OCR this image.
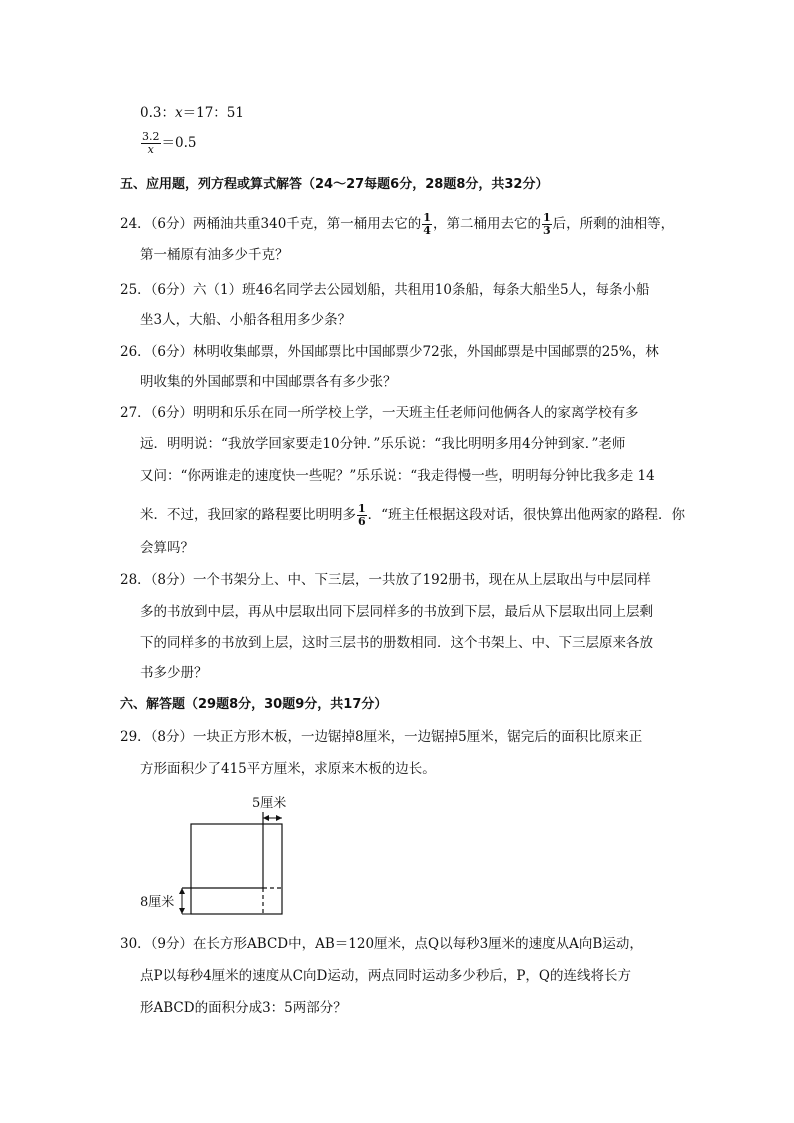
0.3：x＝17：51
$\frac{3.2}{x} =0.5$
五、应用题，列方程或算式解答（24～27每题6分，28题8分，共32分）
24．（6分）两桶油共重340千克，第一桶用去它的 $\frac{1}{4}$ ，第二桶用去它的 $\frac{1}{3}$ 后，所剩的油相等，
第一桶原有油多少千克？
25．（6分）六（1）班46名同学去公园划船，共租用10条船，每条大船坐5人，每条小船
坐3人，大船、小船各租用多少条？
26．（6分）林明收集邮票，外国邮票比中国邮票少72张，外国邮票是中国邮票的25%，林
明收集的外国邮票和中国邮票各有多少张？
27．（6分）明明和乐乐在同一所学校上学，一天班主任老师问他俩各人的家离学校有多
远．明明说：“我放学回家要走10分钟．”乐乐说：“我比明明多用4分钟到家．”老师
又问：“你两谁走的速度快一些呢？”乐乐说：“我走得慢一些，明明每分钟比我多走 14
米．不过，我回家的路程要比明明多 $\frac{1}{6}$ ．“班主任根据这段对话，很快算出他两家的路程．你
会算吗？
28．（8分）一个书架分上、中、下三层，一共放了192册书，现在从上层取出与中层同样
多的书放到中层，再从中层取出同下层同样多的书放到下层，最后从下层取出同上层剩
下的同样多的书放到上层，这时三层书的册数相同．这个书架上、中、下三层原来各放
书多少册？
六、解答题（29题8分，30题9分，共17分）
29．（8分）一块正方形木板，一边锯掉8厘米，一边锯掉5厘米，锯完后的面积比原来正
方形面积少了415平方厘米，求原来木板的边长。
5厘米
8厘米
30．（9分）在长方形ABCD中，AB＝120厘米，点Q以每秒3厘米的速度从A向B运动，
点P以每秒4厘米的速度从C向D运动，两点同时运动多少秒后，P，Q的连线将长方
形ABCD的面积分成3：5两部分？
